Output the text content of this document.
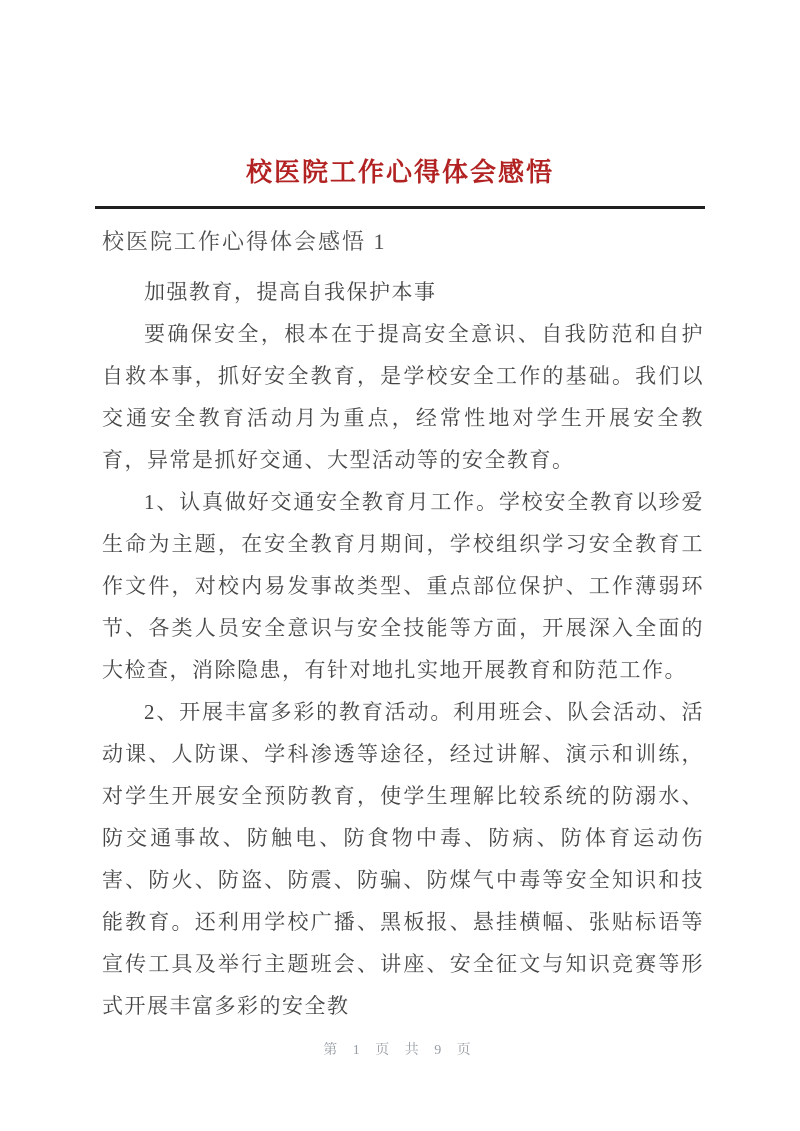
校医院工作心得体会感悟

校医院工作心得体会感悟 1

加强教育，提高自我保护本事

要确保安全，根本在于提高安全意识、自我防范和自护自救本事，抓好安全教育，是学校安全工作的基础。我们以交通安全教育活动月为重点，经常性地对学生开展安全教育，异常是抓好交通、大型活动等的安全教育。

1、认真做好交通安全教育月工作。学校安全教育以珍爱生命为主题，在安全教育月期间，学校组织学习安全教育工作文件，对校内易发事故类型、重点部位保护、工作薄弱环节、各类人员安全意识与安全技能等方面，开展深入全面的大检查，消除隐患，有针对地扎实地开展教育和防范工作。

2、开展丰富多彩的教育活动。利用班会、队会活动、活动课、人防课、学科渗透等途径，经过讲解、演示和训练，对学生开展安全预防教育，使学生理解比较系统的防溺水、防交通事故、防触电、防食物中毒、防病、防体育运动伤害、防火、防盗、防震、防骗、防煤气中毒等安全知识和技能教育。还利用学校广播、黑板报、悬挂横幅、张贴标语等宣传工具及举行主题班会、讲座、安全征文与知识竞赛等形式开展丰富多彩的安全教

第 1 页 共 9 页
